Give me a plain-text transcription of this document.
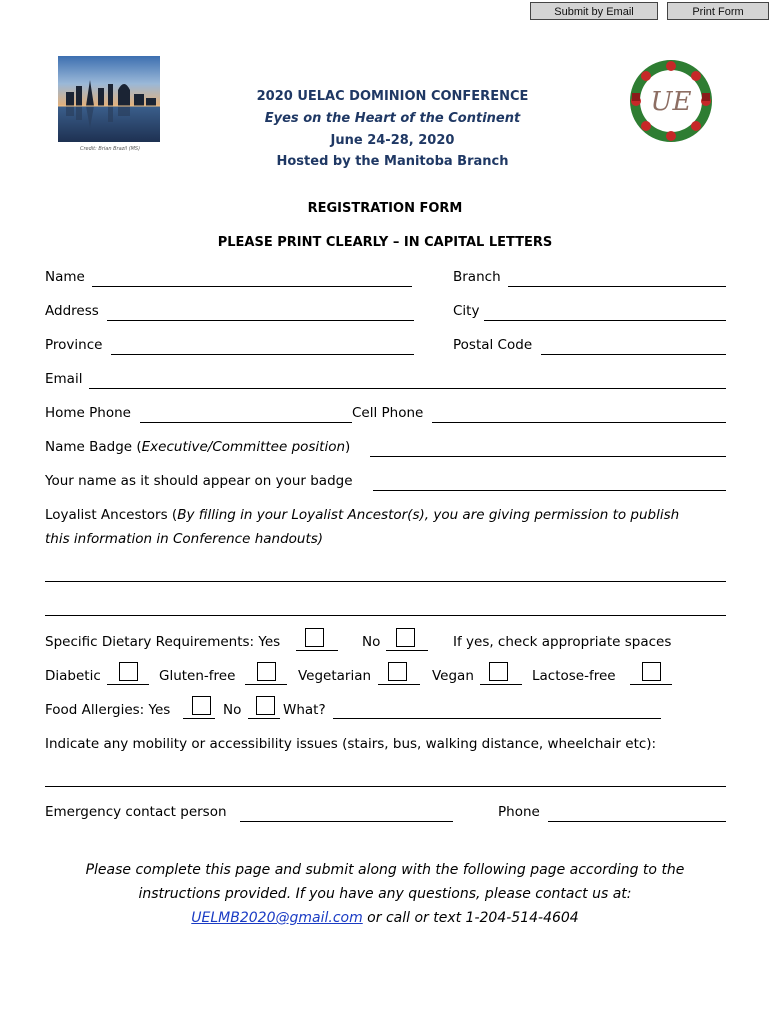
Submit by Email	Print Form
Credit: Brian Brazil (MS)
UE
2020 UELAC DOMINION CONFERENCE
Eyes on the Heart of the Continent
June 24-28, 2020
Hosted by the Manitoba Branch
REGISTRATION FORM
PLEASE PRINT CLEARLY – IN CAPITAL LETTERS
Name	Branch
Address	City
Province	Postal Code
Email
Home Phone	Cell Phone
Name Badge (Executive/Committee position)
Your name as it should appear on your badge
Loyalist Ancestors (By filling in your Loyalist Ancestor(s), you are giving permission to publish
this information in Conference handouts)
Specific Dietary Requirements: Yes	No	If yes, check appropriate spaces
Diabetic	Gluten-free	Vegetarian	Vegan	Lactose-free
Food Allergies: Yes	No	What?
Indicate any mobility or accessibility issues (stairs, bus, walking distance, wheelchair etc):
Emergency contact person	Phone
Please complete this page and submit along with the following page according to the
instructions provided. If you have any questions, please contact us at:
UELMB2020@gmail.com or call or text 1-204-514-4604
